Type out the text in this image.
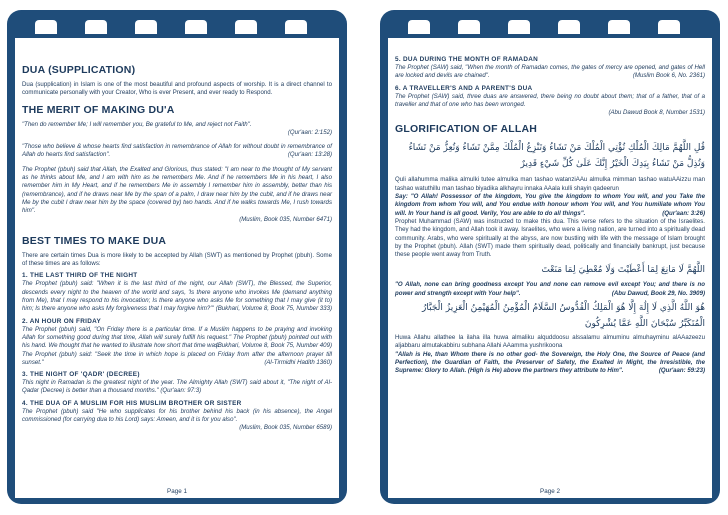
DUA (SUPPLICATION)

Dua (supplication) in Islam is one of the most beautiful and profound aspects of worship. It is a direct channel to communicate personally with your Creator, Who is ever Present, and ever ready to Respond.

THE MERIT OF MAKING DU'A

"Then do remember Me; I will remember you, Be grateful to Me, and reject not Faith".

(Qur'aan: 2:152)

"Those who believe & whose hearts find satisfaction in remembrance of Allah for without doubt in remembrance of Allah do hearts find satisfaction".	(Qur'aan: 13:28)

The Prophet (pbuh) said that Allah, the Exalted and Glorious, thus stated: "I am near to the thought of My servant as he thinks about Me, and I am with him as he remembers Me. And if he remembers Me in his heart, I also remember him in My Heart, and if he remembers Me in assembly I remember him in assembly, better than his (remembrance), and if he draws near Me by the span of a palm, I draw near him by the cubit, and if he draws near Me by the cubit I draw near him by the space (covered by) two hands. And if he walks towards Me, I rush towards him".

(Muslim, Book 035, Number 6471)

BEST TIMES TO MAKE DUA

There are certain times Dua is more likely to be accepted by Allah (SWT) as mentioned by Prophet (pbuh). Some of these times are as follows:

1. THE LAST THIRD OF THE NIGHT

The Prophet (pbuh) said: "When it is the last third of the night, our Allah (SWT), the Blessed, the Superior, descends every night to the heaven of the world and says, 'Is there anyone who invokes Me (demand anything from Me), that I may respond to his invocation; Is there anyone who asks Me for something that I may give (it to) him; Is there anyone who asks My forgiveness that I may forgive him?'" (Bukhari, Volume 8, Book 75, Number 333)

2. AN HOUR ON FRIDAY

The Prophet (pbuh) said, "On Friday there is a particular time. If a Muslim happens to be praying and invoking Allah for something good during that time, Allah will surely fulfill his request." The Prophet (pbuh) pointed out with his hand. We thought that he wanted to illustrate how short that time was.

(Bukhari, Volume 8, Book 75, Number 409)

The Prophet (pbuh) said: "Seek the time in which hope is placed on Friday from after the afternoon prayer till sunset."	(Al-Tirmidhi Hadith 1360)

3. THE NIGHT OF 'QADR' (DECREE)

This night in Ramadan is the greatest night of the year. The Almighty Allah (SWT) said about it, "The night of Al-Qadar (Decree) is better than a thousand months." (Qur'aan: 97:3)

4. THE DUA OF A MUSLIM FOR HIS MUSLIM BROTHER OR SISTER

The Prophet (pbuh) said "He who supplicates for his brother behind his back (in his absence), the Angel commissioned (for carrying dua to his Lord) says: Ameen, and it is for you also".

(Muslim, Book 035, Number 6589)

Page 1
5. DUA DURING THE MONTH OF RAMADAN

The Prophet (SAW) said, "When the month of Ramadan comes, the gates of mercy are opened, and gates of Hell are locked and devils are chained".	(Muslim Book 6, No. 2361)

6. A TRAVELLER'S AND A PARENT'S DUA

The Prophet (SAW) said, three duas are answered, there being no doubt about them; that of a father, that of a traveller and that of one who has been wronged.

(Abu Dawud Book 8, Number 1531)

GLORIFICATION OF ALLAH

قُلِ اللَّهُمَّ مَالِكَ الْمُلْكِ تُؤْتِي الْمُلْكَ مَنْ تَشَاءُ وَتَنْزِعُ الْمُلْكَ مِمَّنْ تَشَاءُ وَتُعِزُّ مَنْ تَشَاءُ وَتُذِلُّ مَنْ تَشَاءُ بِيَدِكَ الْخَيْرُ إِنَّكَ عَلَىٰ كُلِّ شَيْءٍ قَدِيرٌ

Quli allahumma malika almulki tutee almulka man tashao watanziAAu almulka mimman tashao watuAAizzu man tashao watuthillu man tashao biyadika alkhayru innaka AAala kulli shayin qadeerun

Say: "O Allah! Possessor of the kingdom, You give the kingdom to whom You will, and you Take the kingdom from whom You will, and You endue with honour whom You will, and You humiliate whom You will. In Your hand is all good. Verily, You are able to do all things".	(Qur'aan: 3:26)

Prophet Muhammad (SAW) was instructed to make this dua. This verse refers to the situation of the Israelites. They had the kingdom, and Allah took it away. Israelites, who were a living nation, are turned into a spiritually dead community. Arabs, who were spiritually at the abyss, are now bustling with life with the message of Islam brought by the Prophet (pbuh). Allah (SWT) made them spiritually dead, politically and financially bankrupt, just because these people went away from Truth.

اللَّهُمَّ لَا مَانِعَ لِمَا أَعْطَيْتَ وَلَا مُعْطِيَ لِمَا مَنَعْتَ

"O Allah, none can bring goodness except You and none can remove evil except You; and there is no power and strength except with Your help".	(Abu Dawud, Book 29, No. 3909)

هُوَ اللَّهُ الَّذِي لَا إِلَٰهَ إِلَّا هُوَ الْمَلِكُ الْقُدُّوسُ السَّلَامُ الْمُؤْمِنُ الْمُهَيْمِنُ الْعَزِيزُ الْجَبَّارُ الْمُتَكَبِّرُ سُبْحَانَ اللَّهِ عَمَّا يُشْرِكُونَ

Huwa Allahu allathee la ilaha illa huwa almaliku alquddoosu alssalamu almuminu almuhayminu alAAazeezu aljabbaru almutakabbiru subhana Allahi AAamma yushrikoona

"Allah is He, than Whom there is no other god- the Sovereign, the Holy One, the Source of Peace (and Perfection), the Guardian of Faith, the Preserver of Safety, the Exalted in Might, the Irresistible, the Supreme: Glory to Allah. (High is He) above the partners they attribute to Him".	(Qur'aan: 59:23)

Page 2
